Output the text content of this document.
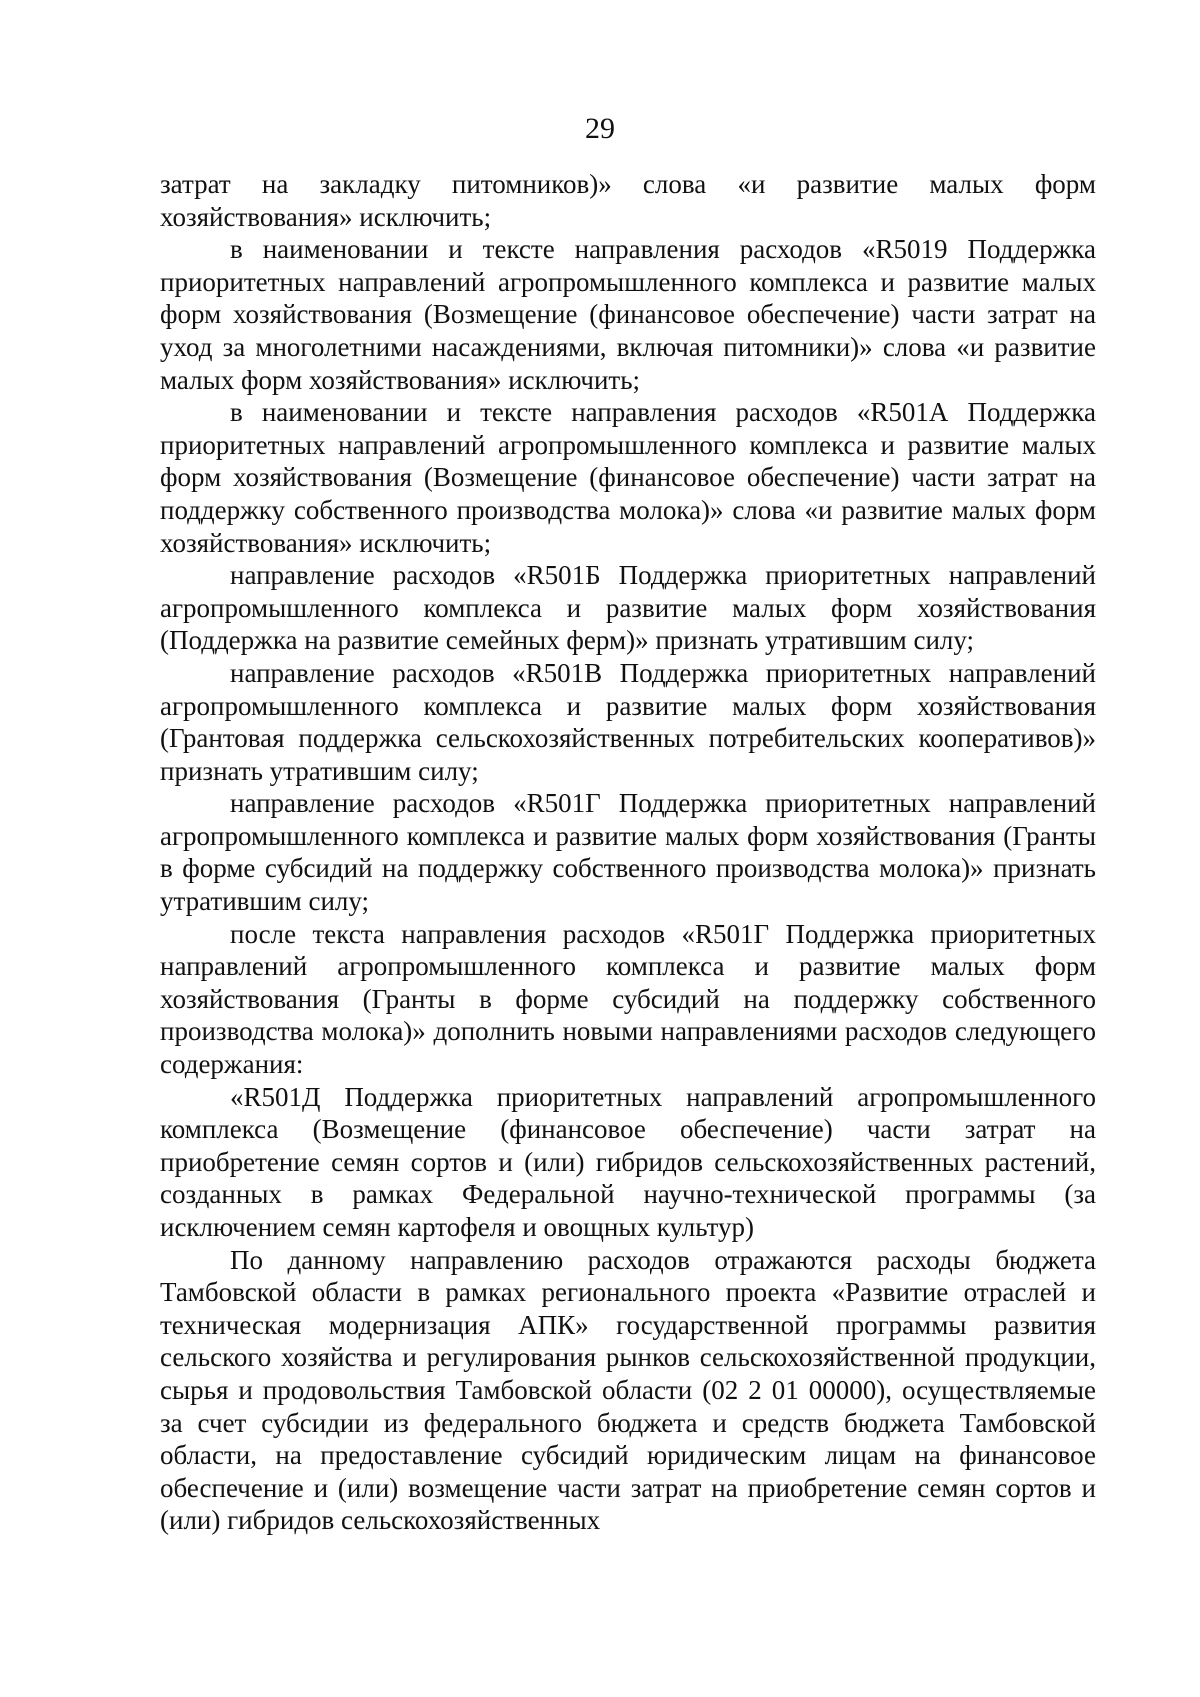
29

затрат на закладку питомников)» слова «и развитие малых форм хозяйствования» исключить;

в наименовании и тексте направления расходов «R5019 Поддержка приоритетных направлений агропромышленного комплекса и развитие малых форм хозяйствования (Возмещение (финансовое обеспечение) части затрат на уход за многолетними насаждениями, включая питомники)» слова «и развитие малых форм хозяйствования» исключить;

в наименовании и тексте направления расходов «R501А Поддержка приоритетных направлений агропромышленного комплекса и развитие малых форм хозяйствования (Возмещение (финансовое обеспечение) части затрат на поддержку собственного производства молока)» слова «и развитие малых форм хозяйствования» исключить;

направление расходов «R501Б Поддержка приоритетных направлений агропромышленного комплекса и развитие малых форм хозяйствования (Поддержка на развитие семейных ферм)» признать утратившим силу;

направление расходов «R501В Поддержка приоритетных направлений агропромышленного комплекса и развитие малых форм хозяйствования (Грантовая поддержка сельскохозяйственных потребительских кооперативов)» признать утратившим силу;

направление расходов «R501Г Поддержка приоритетных направлений агропромышленного комплекса и развитие малых форм хозяйствования (Гранты в форме субсидий на поддержку собственного производства молока)» признать утратившим силу;

после текста направления расходов «R501Г Поддержка приоритетных направлений агропромышленного комплекса и развитие малых форм хозяйствования (Гранты в форме субсидий на поддержку собственного производства молока)» дополнить новыми направлениями расходов следующего содержания:

«R501Д Поддержка приоритетных направлений агропромышленного комплекса (Возмещение (финансовое обеспечение) части затрат на приобретение семян сортов и (или) гибридов сельскохозяйственных растений, созданных в рамках Федеральной научно-технической программы (за исключением семян картофеля и овощных культур)

По данному направлению расходов отражаются расходы бюджета Тамбовской области в рамках регионального проекта «Развитие отраслей и техническая модернизация АПК» государственной программы развития сельского хозяйства и регулирования рынков сельскохозяйственной продукции, сырья и продовольствия Тамбовской области (02 2 01 00000), осуществляемые за счет субсидии из федерального бюджета и средств бюджета Тамбовской области, на предоставление субсидий юридическим лицам на финансовое обеспечение и (или) возмещение части затрат на приобретение семян сортов и (или) гибридов сельскохозяйственных
